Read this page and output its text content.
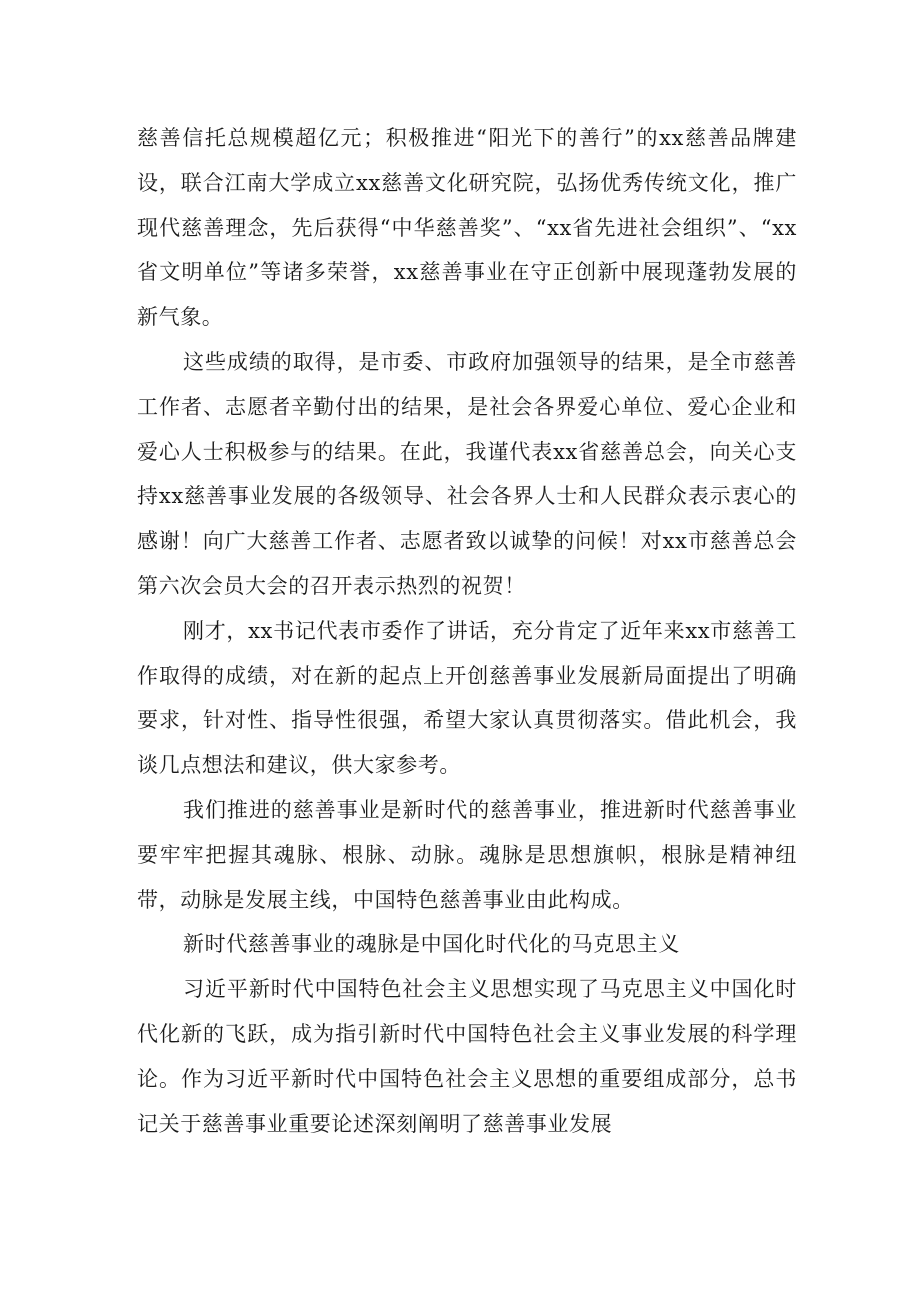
慈善信托总规模超亿元；积极推进“阳光下的善行”的xx慈善品牌建设，联合江南大学成立xx慈善文化研究院，弘扬优秀传统文化，推广现代慈善理念，先后获得“中华慈善奖”、“xx省先进社会组织”、“xx省文明单位”等诸多荣誉，xx慈善事业在守正创新中展现蓬勃发展的新气象。

这些成绩的取得，是市委、市政府加强领导的结果，是全市慈善工作者、志愿者辛勤付出的结果，是社会各界爱心单位、爱心企业和爱心人士积极参与的结果。在此，我谨代表xx省慈善总会，向关心支持xx慈善事业发展的各级领导、社会各界人士和人民群众表示衷心的感谢！向广大慈善工作者、志愿者致以诚挚的问候！对xx市慈善总会第六次会员大会的召开表示热烈的祝贺！

刚才，xx书记代表市委作了讲话，充分肯定了近年来xx市慈善工作取得的成绩，对在新的起点上开创慈善事业发展新局面提出了明确要求，针对性、指导性很强，希望大家认真贯彻落实。借此机会，我谈几点想法和建议，供大家参考。

我们推进的慈善事业是新时代的慈善事业，推进新时代慈善事业要牢牢把握其魂脉、根脉、动脉。魂脉是思想旗帜，根脉是精神纽带，动脉是发展主线，中国特色慈善事业由此构成。

新时代慈善事业的魂脉是中国化时代化的马克思主义

习近平新时代中国特色社会主义思想实现了马克思主义中国化时代化新的飞跃，成为指引新时代中国特色社会主义事业发展的科学理论。作为习近平新时代中国特色社会主义思想的重要组成部分，总书记关于慈善事业重要论述深刻阐明了慈善事业发展
